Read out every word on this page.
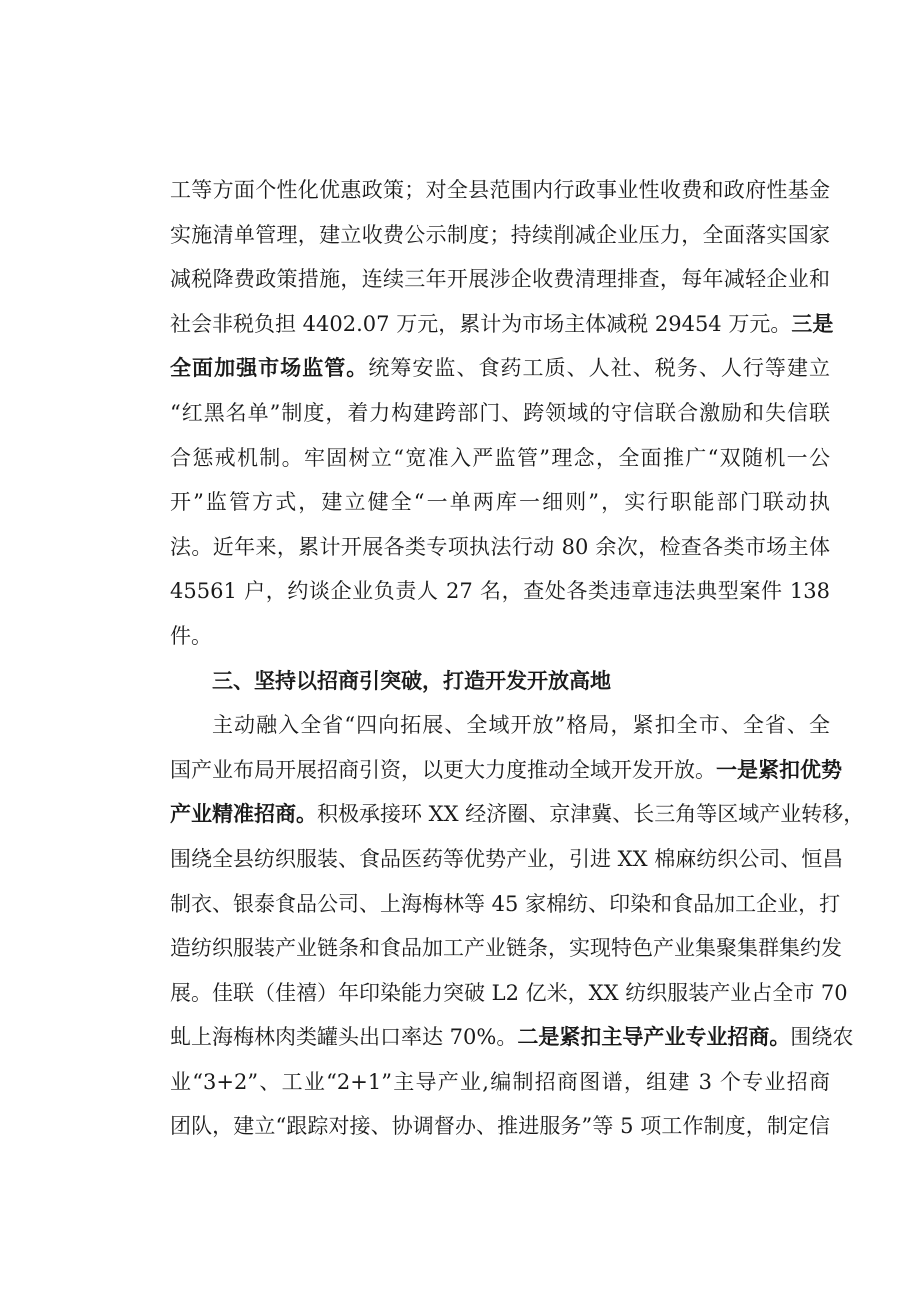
工等方面个性化优惠政策；对全县范围内行政事业性收费和政府性基金
实施清单管理，建立收费公示制度；持续削减企业压力，全面落实国家
减税降费政策措施，连续三年开展涉企收费清理排查，每年减轻企业和
社会非税负担 4402.07 万元，累计为市场主体减税 29454 万元。三是
全面加强市场监管。统筹安监、食药工质、人社、税务、人行等建立
“红黑名单”制度，着力构建跨部门、跨领域的守信联合激励和失信联
合惩戒机制。牢固树立“宽准入严监管”理念，全面推广“双随机一公
开”监管方式，建立健全“一单两库一细则”，实行职能部门联动执
法。近年来，累计开展各类专项执法行动 80 余次，检查各类市场主体
45561 户，约谈企业负责人 27 名，查处各类违章违法典型案件 138
件。
三、坚持以招商引突破，打造开发开放高地
主动融入全省“四向拓展、全域开放”格局，紧扣全市、全省、全
国产业布局开展招商引资，以更大力度推动全域开发开放。一是紧扣优势
产业精准招商。积极承接环 XX 经济圈、京津冀、长三角等区域产业转移，
围绕全县纺织服装、食品医药等优势产业，引进 XX 棉麻纺织公司、恒昌
制衣、银泰食品公司、上海梅林等 45 家棉纺、印染和食品加工企业，打
造纺织服装产业链条和食品加工产业链条，实现特色产业集聚集群集约发
展。佳联（佳禧）年印染能力突破 L2 亿米，XX 纺织服装产业占全市 70
虬上海梅林肉类罐头出口率达 70%。二是紧扣主导产业专业招商。围绕农
业“3+2”、工业“2+1”主导产业,编制招商图谱，组建 3 个专业招商
团队，建立“跟踪对接、协调督办、推进服务”等 5 项工作制度，制定信
